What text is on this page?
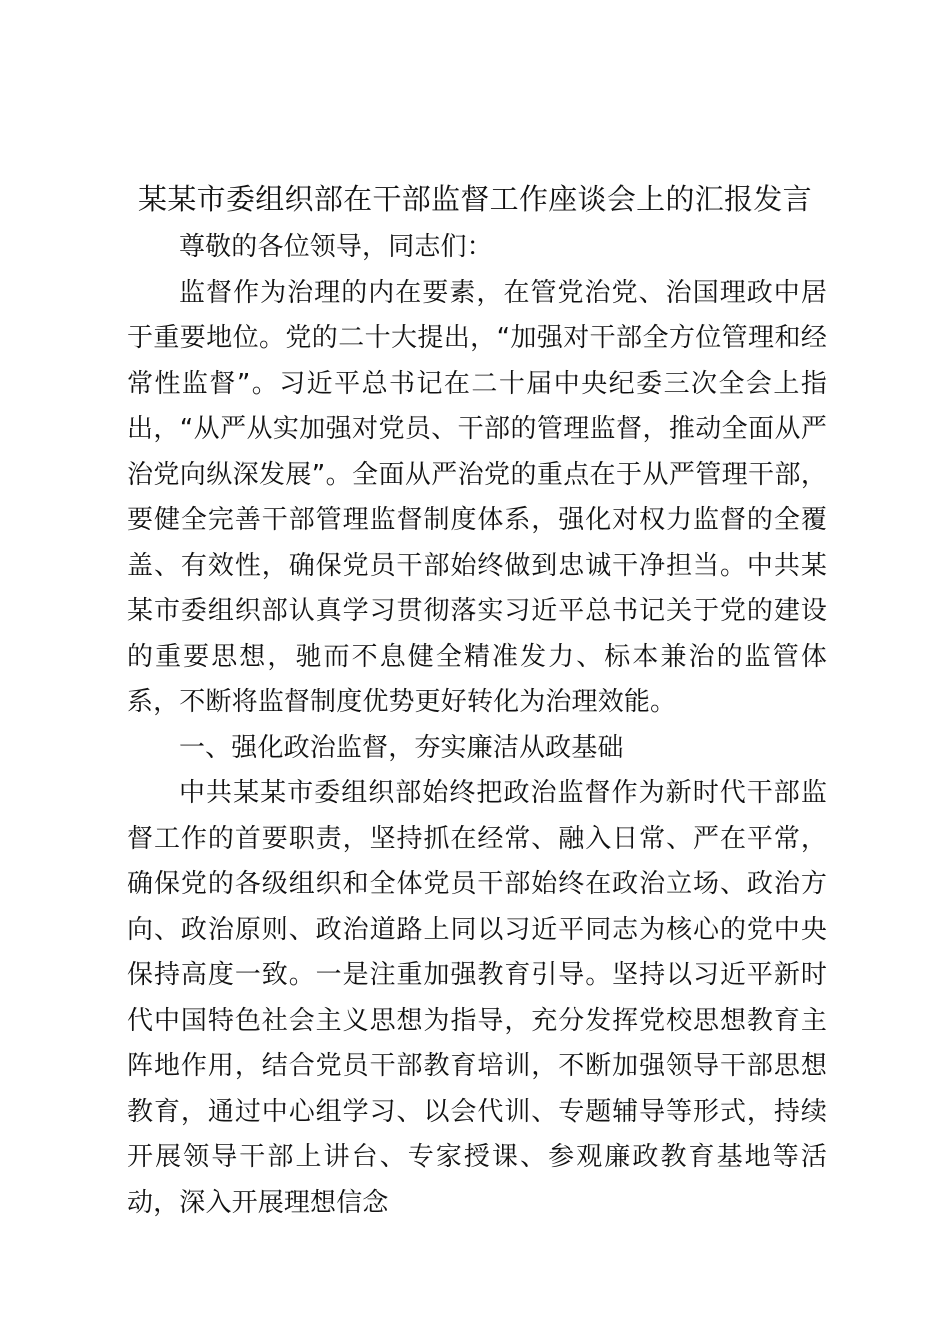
某某市委组织部在干部监督工作座谈会上的汇报发言

尊敬的各位领导，同志们：

监督作为治理的内在要素，在管党治党、治国理政中居于重要地位。党的二十大提出，“加强对干部全方位管理和经常性监督”。习近平总书记在二十届中央纪委三次全会上指出，“从严从实加强对党员、干部的管理监督，推动全面从严治党向纵深发展”。全面从严治党的重点在于从严管理干部，要健全完善干部管理监督制度体系，强化对权力监督的全覆盖、有效性，确保党员干部始终做到忠诚干净担当。中共某某市委组织部认真学习贯彻落实习近平总书记关于党的建设的重要思想，驰而不息健全精准发力、标本兼治的监管体系，不断将监督制度优势更好转化为治理效能。

一、强化政治监督，夯实廉洁从政基础

中共某某市委组织部始终把政治监督作为新时代干部监督工作的首要职责，坚持抓在经常、融入日常、严在平常，确保党的各级组织和全体党员干部始终在政治立场、政治方向、政治原则、政治道路上同以习近平同志为核心的党中央保持高度一致。一是注重加强教育引导。坚持以习近平新时代中国特色社会主义思想为指导，充分发挥党校思想教育主阵地作用，结合党员干部教育培训，不断加强领导干部思想教育，通过中心组学习、以会代训、专题辅导等形式，持续开展领导干部上讲台、专家授课、参观廉政教育基地等活动，深入开展理想信念
